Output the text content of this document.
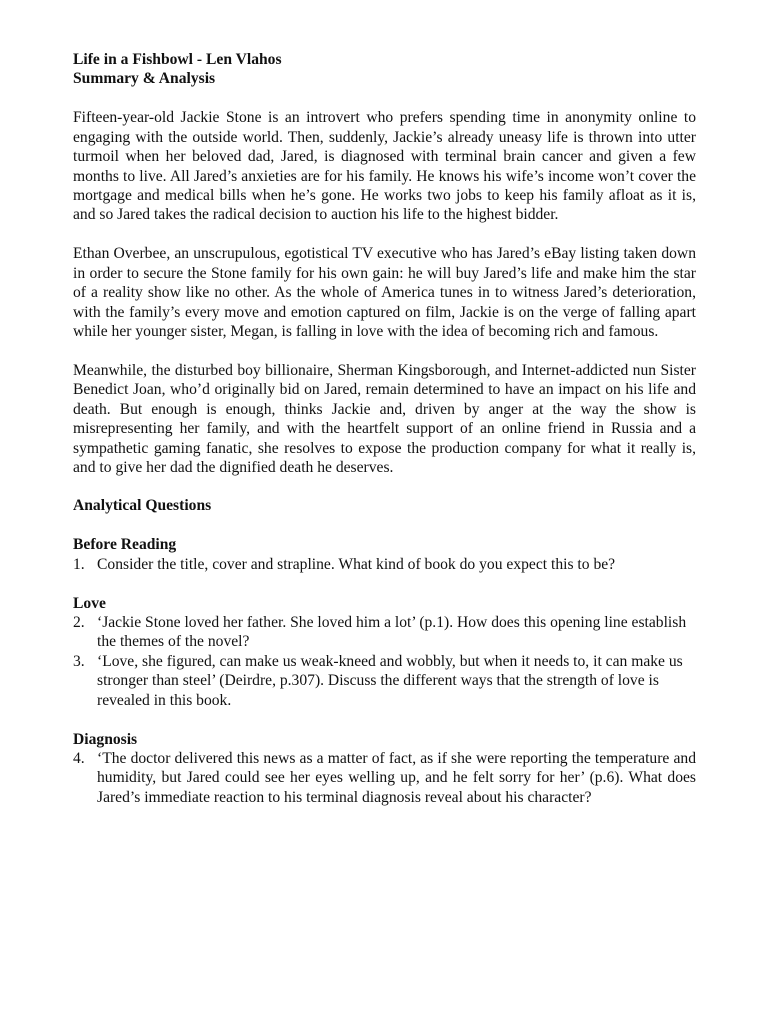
Life in a Fishbowl - Len Vlahos

Summary & Analysis

Fifteen-year-old Jackie Stone is an introvert who prefers spending time in anonymity online to engaging with the outside world. Then, suddenly, Jackie’s already uneasy life is thrown into utter turmoil when her beloved dad, Jared, is diagnosed with terminal brain cancer and given a few months to live. All Jared’s anxieties are for his family. He knows his wife’s income won’t cover the mortgage and medical bills when he’s gone. He works two jobs to keep his family afloat as it is, and so Jared takes the radical decision to auction his life to the highest bidder.

Ethan Overbee, an unscrupulous, egotistical TV executive who has Jared’s eBay listing taken down in order to secure the Stone family for his own gain: he will buy Jared’s life and make him the star of a reality show like no other. As the whole of America tunes in to witness Jared’s deterioration, with the family’s every move and emotion captured on film, Jackie is on the verge of falling apart while her younger sister, Megan, is falling in love with the idea of becoming rich and famous.

Meanwhile, the disturbed boy billionaire, Sherman Kingsborough, and Internet-addicted nun Sister Benedict Joan, who’d originally bid on Jared, remain determined to have an impact on his life and death. But enough is enough, thinks Jackie and, driven by anger at the way the show is misrepresenting her family, and with the heartfelt support of an online friend in Russia and a sympathetic gaming fanatic, she resolves to expose the production company for what it really is, and to give her dad the dignified death he deserves.

Analytical Questions

Before Reading

1. Consider the title, cover and strapline. What kind of book do you expect this to be?

Love

2. ‘Jackie Stone loved her father. She loved him a lot’ (p.1). How does this opening line establish the themes of the novel?
3. ‘Love, she figured, can make us weak-kneed and wobbly, but when it needs to, it can make us stronger than steel’ (Deirdre, p.307). Discuss the different ways that the strength of love is revealed in this book.

Diagnosis

4. ‘The doctor delivered this news as a matter of fact, as if she were reporting the temperature and humidity, but Jared could see her eyes welling up, and he felt sorry for her’ (p.6). What does Jared’s immediate reaction to his terminal diagnosis reveal about his character?
